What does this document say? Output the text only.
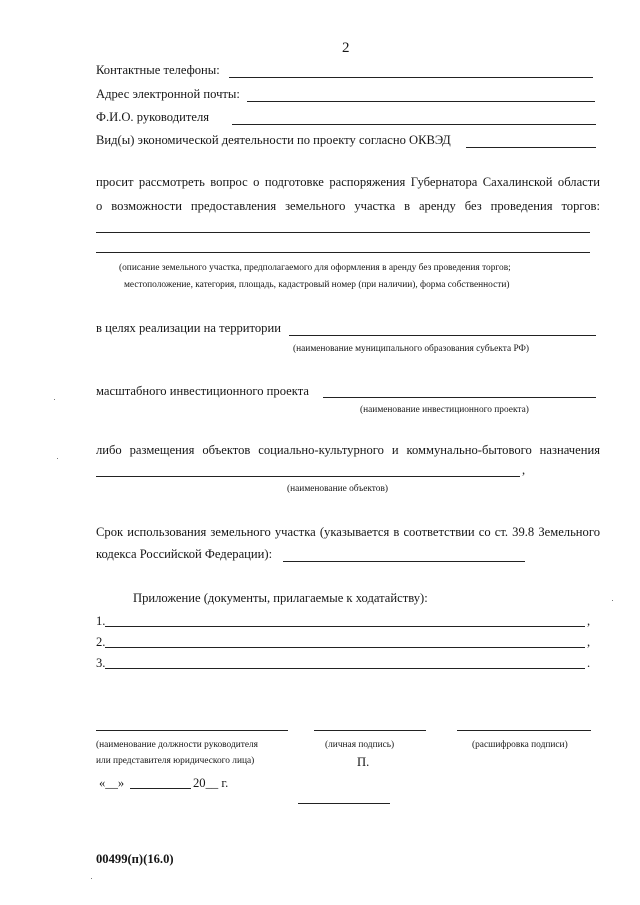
2
Контактные телефоны:
Адрес электронной почты:
Ф.И.О. руководителя
Вид(ы) экономической деятельности по проекту согласно ОКВЭД
просит рассмотреть вопрос о подготовке распоряжения Губернатора Сахалинской области
о возможности предоставления земельного участка в аренду без проведения торгов:
(описание земельного участка, предполагаемого для оформления в аренду без проведения торгов;
местоположение, категория, площадь, кадастровый номер (при наличии), форма собственности)
в целях реализации на территории
(наименование муниципального образования субъекта РФ)
масштабного инвестиционного проекта
(наименование инвестиционного проекта)
либо размещения объектов социально-культурного и коммунально-бытового назначения
,
(наименование объектов)
Срок использования земельного участка (указывается в соответствии со ст. 39.8 Земельного
кодекса Российской Федерации):
Приложение (документы, прилагаемые к ходатайству):
1.	,
2.	,
3.	.
(наименование должности руководителя
или представителя юридического лица)
(личная подпись)	(расшифровка подписи)
П.
«__»	20__ г.
00499(п)(16.0)
